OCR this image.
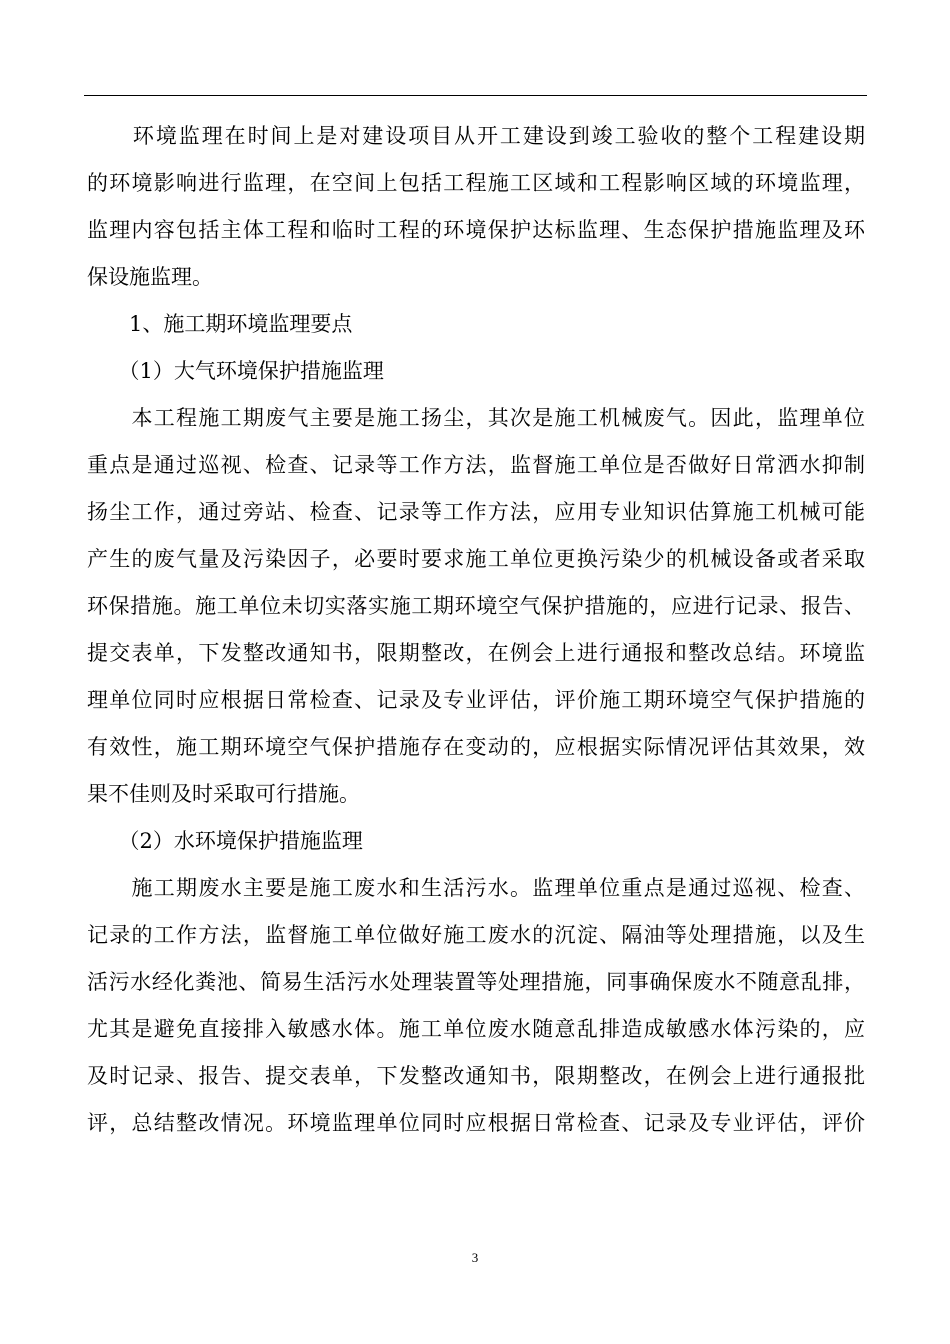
　　环境监理在时间上是对建设项目从开工建设到竣工验收的整个工程建设期
的环境影响进行监理，在空间上包括工程施工区域和工程影响区域的环境监理，
监理内容包括主体工程和临时工程的环境保护达标监理、生态保护措施监理及环
保设施监理。
　　1、施工期环境监理要点
　　（1）大气环境保护措施监理
　　本工程施工期废气主要是施工扬尘，其次是施工机械废气。因此，监理单位
重点是通过巡视、检查、记录等工作方法，监督施工单位是否做好日常洒水抑制
扬尘工作，通过旁站、检查、记录等工作方法，应用专业知识估算施工机械可能
产生的废气量及污染因子，必要时要求施工单位更换污染少的机械设备或者采取
环保措施。施工单位未切实落实施工期环境空气保护措施的，应进行记录、报告、
提交表单，下发整改通知书，限期整改，在例会上进行通报和整改总结。环境监
理单位同时应根据日常检查、记录及专业评估，评价施工期环境空气保护措施的
有效性，施工期环境空气保护措施存在变动的，应根据实际情况评估其效果，效
果不佳则及时采取可行措施。
　　（2）水环境保护措施监理
　　施工期废水主要是施工废水和生活污水。监理单位重点是通过巡视、检查、
记录的工作方法，监督施工单位做好施工废水的沉淀、隔油等处理措施，以及生
活污水经化粪池、简易生活污水处理装置等处理措施，同事确保废水不随意乱排，
尤其是避免直接排入敏感水体。施工单位废水随意乱排造成敏感水体污染的，应
及时记录、报告、提交表单，下发整改通知书，限期整改，在例会上进行通报批
评，总结整改情况。环境监理单位同时应根据日常检查、记录及专业评估，评价
3
